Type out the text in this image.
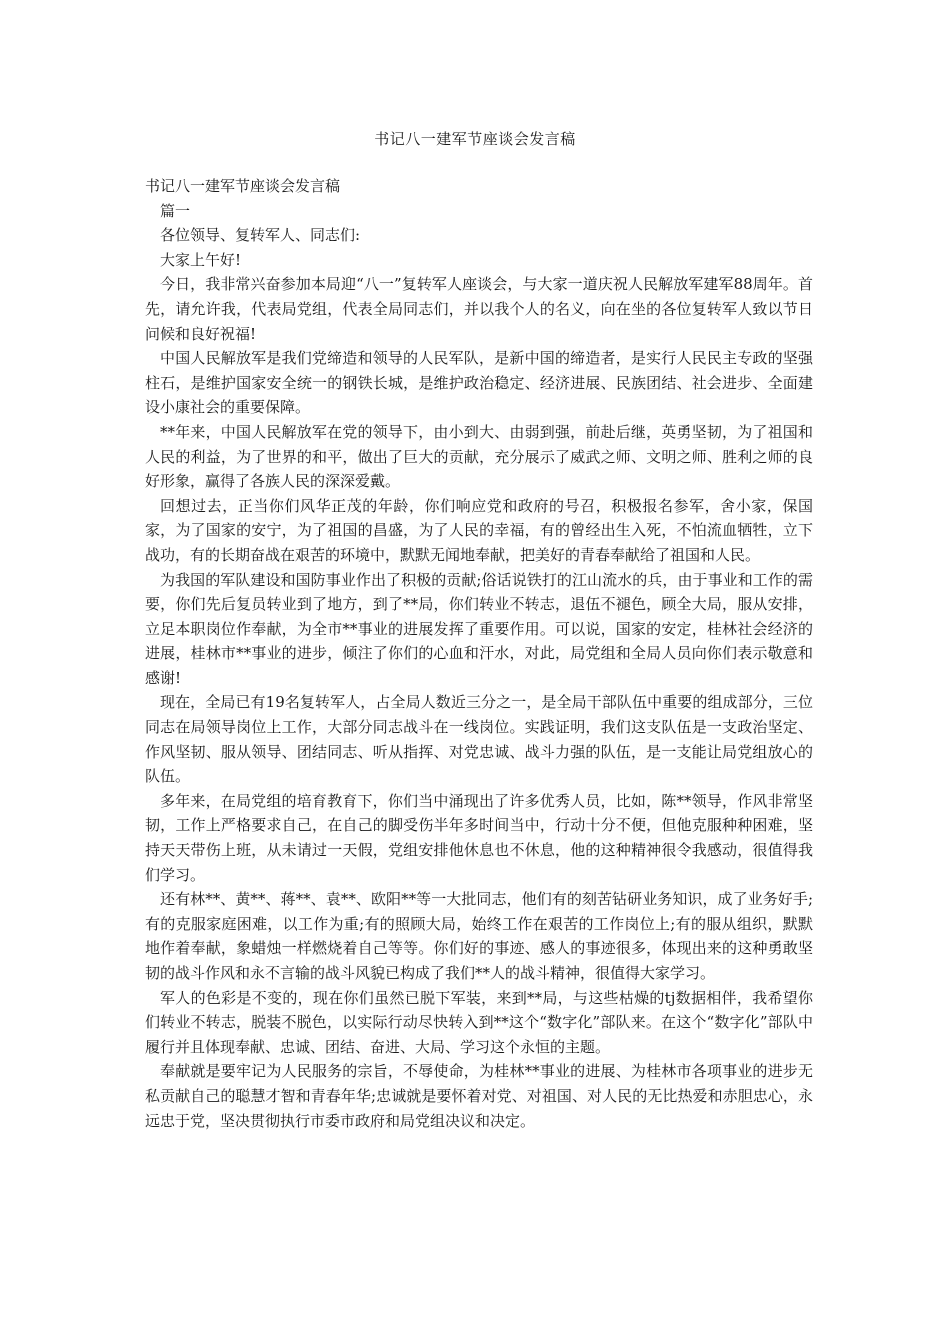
书记八一建军节座谈会发言稿

书记八一建军节座谈会发言稿

篇一

各位领导、复转军人、同志们:

大家上午好!

今日，我非常兴奋参加本局迎“八一”复转军人座谈会，与大家一道庆祝人民解放军建军88周年。首先，请允许我，代表局党组，代表全局同志们，并以我个人的名义，向在坐的各位复转军人致以节日问候和良好祝福!

中国人民解放军是我们党缔造和领导的人民军队，是新中国的缔造者，是实行人民民主专政的坚强柱石，是维护国家安全统一的钢铁长城，是维护政治稳定、经济进展、民族团结、社会进步、全面建设小康社会的重要保障。

**年来，中国人民解放军在党的领导下，由小到大、由弱到强，前赴后继，英勇坚韧，为了祖国和人民的利益，为了世界的和平，做出了巨大的贡献，充分展示了威武之师、文明之师、胜利之师的良好形象，赢得了各族人民的深深爱戴。

回想过去，正当你们风华正茂的年龄，你们响应党和政府的号召，积极报名参军，舍小家，保国家，为了国家的安宁，为了祖国的昌盛，为了人民的幸福，有的曾经出生入死，不怕流血牺牲，立下战功，有的长期奋战在艰苦的环境中，默默无闻地奉献，把美好的青春奉献给了祖国和人民。

为我国的军队建设和国防事业作出了积极的贡献;俗话说铁打的江山流水的兵，由于事业和工作的需要，你们先后复员转业到了地方，到了**局，你们转业不转志，退伍不褪色，顾全大局，服从安排，立足本职岗位作奉献，为全市**事业的进展发挥了重要作用。可以说，国家的安定，桂林社会经济的进展，桂林市**事业的进步，倾注了你们的心血和汗水，对此，局党组和全局人员向你们表示敬意和感谢!

现在，全局已有19名复转军人，占全局人数近三分之一，是全局干部队伍中重要的组成部分，三位同志在局领导岗位上工作，大部分同志战斗在一线岗位。实践证明，我们这支队伍是一支政治坚定、作风坚韧、服从领导、团结同志、听从指挥、对党忠诚、战斗力强的队伍，是一支能让局党组放心的队伍。

多年来，在局党组的培育教育下，你们当中涌现出了许多优秀人员，比如，陈**领导，作风非常坚韧，工作上严格要求自己，在自己的脚受伤半年多时间当中，行动十分不便，但他克服种种困难，坚持天天带伤上班，从未请过一天假，党组安排他休息也不休息，他的这种精神很令我感动，很值得我们学习。

还有林**、黄**、蒋**、袁**、欧阳**等一大批同志，他们有的刻苦钻研业务知识，成了业务好手;有的克服家庭困难，以工作为重;有的照顾大局，始终工作在艰苦的工作岗位上;有的服从组织，默默地作着奉献，象蜡烛一样燃烧着自己等等。你们好的事迹、感人的事迹很多，体现出来的这种勇敢坚韧的战斗作风和永不言输的战斗风貌已构成了我们**人的战斗精神，很值得大家学习。

军人的色彩是不变的，现在你们虽然已脱下军装，来到**局，与这些枯燥的tj数据相伴，我希望你们转业不转志，脱装不脱色，以实际行动尽快转入到**这个“数字化”部队来。在这个“数字化”部队中履行并且体现奉献、忠诚、团结、奋进、大局、学习这个永恒的主题。

奉献就是要牢记为人民服务的宗旨，不辱使命，为桂林**事业的进展、为桂林市各项事业的进步无私贡献自己的聪慧才智和青春年华;忠诚就是要怀着对党、对祖国、对人民的无比热爱和赤胆忠心，永远忠于党，坚决贯彻执行市委市政府和局党组决议和决定。
